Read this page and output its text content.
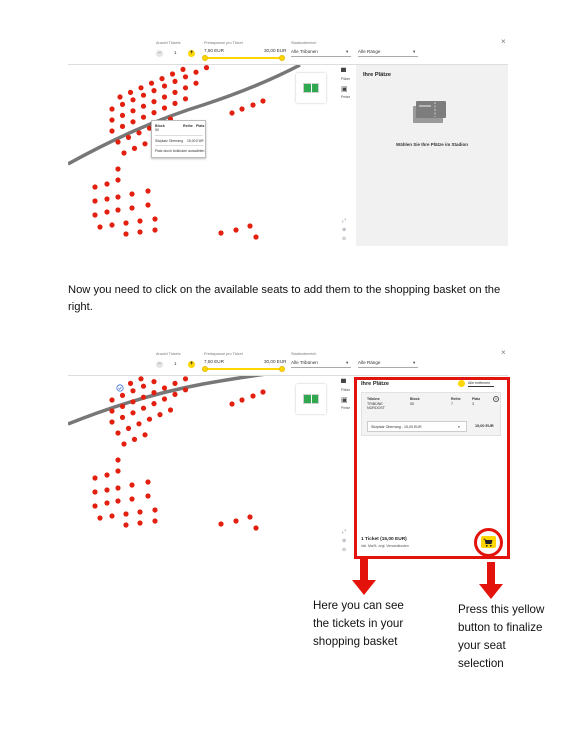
Anzahl Tickets
–	1 +
Preisspanne pro Ticket
7,50 EUR	30,00 EUR
Stadionbereich
Alle Tribünen	▾ Alle Ränge	▾
×
Block	Reihe Platz
50
Sitzplatz Oberrang 15,00 EUR
Platz durch Anklicken auswählen
▀
Plätze
▣
Preise
⤢
⊕
⊖
Ihre Plätze
Wählen Sie Ihre Plätze im Stadion
Now you need to click on the available seats to add them to the shopping basket on the right.
Anzahl Tickets
–	1 +
Preisspanne pro Ticket
7,50 EUR	30,00 EUR
Stadionbereich
Alle Tribünen	▾ Alle Ränge	▾
×
▀
Plätze
▣
Preise
⤢
⊕
⊖
Ihre Plätze	Alle entfernen
Tribüne	Block	Reihe	Platz
TRIBÜNE
NORDOST
50	7	3
×
Sitzplatz Oberrang - 15,00 EUR	▾	15,00 EUR
1 Ticket (15,00 EUR)
inkl. MwSt. zzgl. Versandkosten
Here you can see the tickets in your shopping basket
Press this yellow button to finalize your seat selection
